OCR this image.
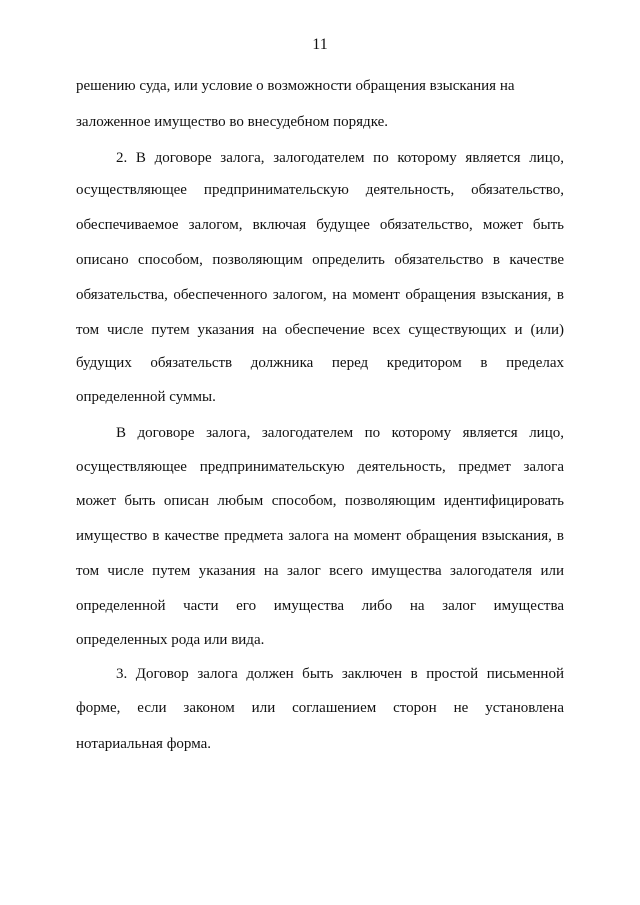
11
решению суда, или условие о возможности обращения взыскания на
заложенное имущество во внесудебном порядке.
2. В договоре залога, залогодателем по которому является лицо,
осуществляющее предпринимательскую деятельность, обязательство,
обеспечиваемое залогом, включая будущее обязательство, может быть
описано способом, позволяющим определить обязательство в качестве
обязательства, обеспеченного залогом, на момент обращения взыскания, в
том числе путем указания на обеспечение всех существующих и (или)
будущих обязательств должника перед кредитором в пределах
определенной суммы.
В договоре залога, залогодателем по которому является лицо,
осуществляющее предпринимательскую деятельность, предмет залога
может быть описан любым способом, позволяющим идентифицировать
имущество в качестве предмета залога на момент обращения взыскания, в
том числе путем указания на залог всего имущества залогодателя или
определенной части его имущества либо на залог имущества
определенных рода или вида.
3. Договор залога должен быть заключен в простой письменной
форме, если законом или соглашением сторон не установлена
нотариальная форма.
